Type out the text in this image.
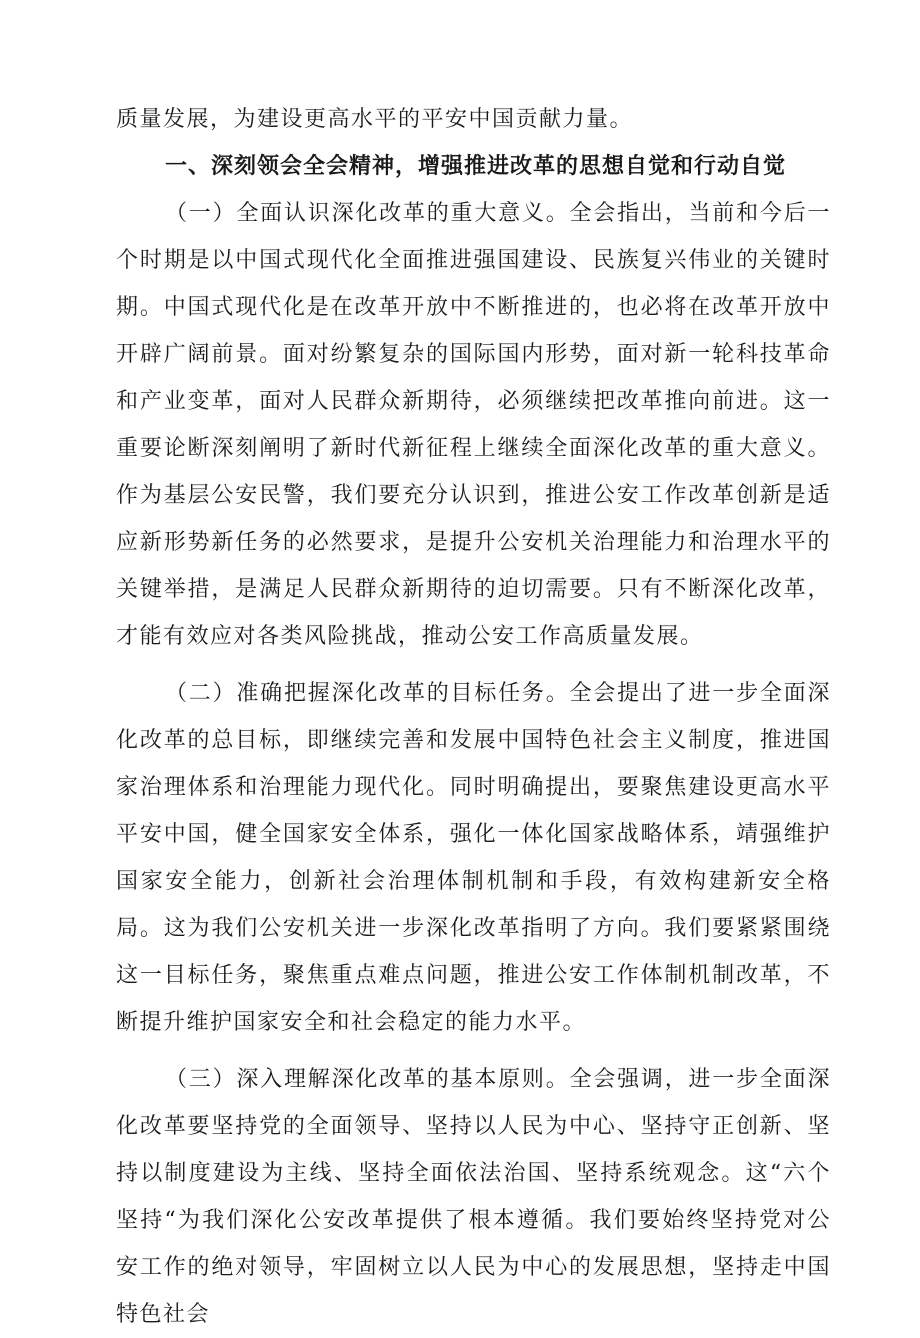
质量发展，为建设更高水平的平安中国贡献力量。

一、深刻领会全会精神，增强推进改革的思想自觉和行动自觉

（一）全面认识深化改革的重大意义。全会指出，当前和今后一个时期是以中国式现代化全面推进强国建设、民族复兴伟业的关键时期。中国式现代化是在改革开放中不断推进的，也必将在改革开放中开辟广阔前景。面对纷繁复杂的国际国内形势，面对新一轮科技革命和产业变革，面对人民群众新期待，必须继续把改革推向前进。这一重要论断深刻阐明了新时代新征程上继续全面深化改革的重大意义。作为基层公安民警，我们要充分认识到，推进公安工作改革创新是适应新形势新任务的必然要求，是提升公安机关治理能力和治理水平的关键举措，是满足人民群众新期待的迫切需要。只有不断深化改革，才能有效应对各类风险挑战，推动公安工作高质量发展。

（二）准确把握深化改革的目标任务。全会提出了进一步全面深化改革的总目标，即继续完善和发展中国特色社会主义制度，推进国家治理体系和治理能力现代化。同时明确提出，要聚焦建设更高水平平安中国，健全国家安全体系，强化一体化国家战略体系，靖强维护国家安全能力，创新社会治理体制机制和手段，有效构建新安全格局。这为我们公安机关进一步深化改革指明了方向。我们要紧紧围绕这一目标任务，聚焦重点难点问题，推进公安工作体制机制改革，不断提升维护国家安全和社会稳定的能力水平。

（三）深入理解深化改革的基本原则。全会强调，进一步全面深化改革要坚持党的全面领导、坚持以人民为中心、坚持守正创新、坚持以制度建设为主线、坚持全面依法治国、坚持系统观念。这“六个坚持“为我们深化公安改革提供了根本遵循。我们要始终坚持党对公安工作的绝对领导，牢固树立以人民为中心的发展思想，坚持走中国特色社会
